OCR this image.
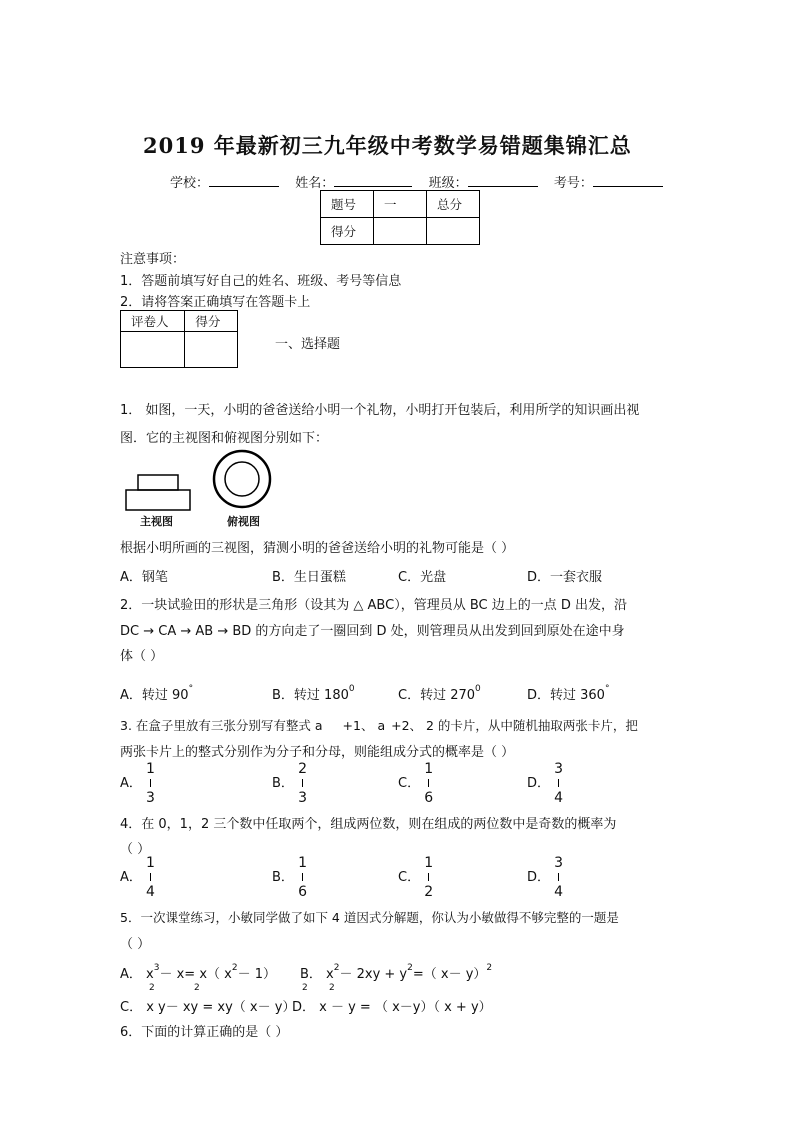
2019 年最新初三九年级中考数学易错题集锦汇总
学校：	姓名：	班级：	考号：
题号	一	总分
得分		
注意事项：
1．答题前填写好自己的姓名、班级、考号等信息
2．请将答案正确填写在答题卡上
评卷人	得分

一、选择题
1． 如图，一天，小明的爸爸送给小明一个礼物，小明打开包装后，利用所学的知识画出视
图．它的主视图和俯视图分别如下：
主视图	俯视图
根据小明所画的三视图，猜测小明的爸爸送给小明的礼物可能是（ ）
A．钢笔	B．生日蛋糕	C．光盘	D．一套衣服
2．一块试验田的形状是三角形（设其为 △ ABC），管理员从 BC 边上的一点 D 出发，沿
DC → CA → AB → BD 的方向走了一圈回到 D 处，则管理员从出发到回到原处在途中身
体（ ）
A．转过 90°	B．转过 $180^0$	C．转过 $270^0$	D．转过 360°
3. 在盒子里放有三张分别写有整式 a +1、 a +2、 2 的卡片，从中随机抽取两张卡片，把
两张卡片上的整式分别作为分子和分母，则能组成分式的概率是（ ）
A．
1
3
B．
2
3
C．
1
6
D．
3
4
4．在 0，1，2 三个数中任取两个，组成两位数，则在组成的两位数中是奇数的概率为
（ ）
A．
1
4
B．
1
6
C．
1
2
D．
3
4
5．一次课堂练习，小敏同学做了如下 4 道因式分解题，你认为小敏做得不够完整的一题是
（ ）
A． $x^3- x= x$（ $x^2- 1$） B． $x^2- 2xy + y^2=$（ x－ y）$^2$
2	2	2 2
C． x y－ xy = xy（ x－ y）
D． x － y = （ x－y）（ x + y）
6．下面的计算正确的是（ ）
